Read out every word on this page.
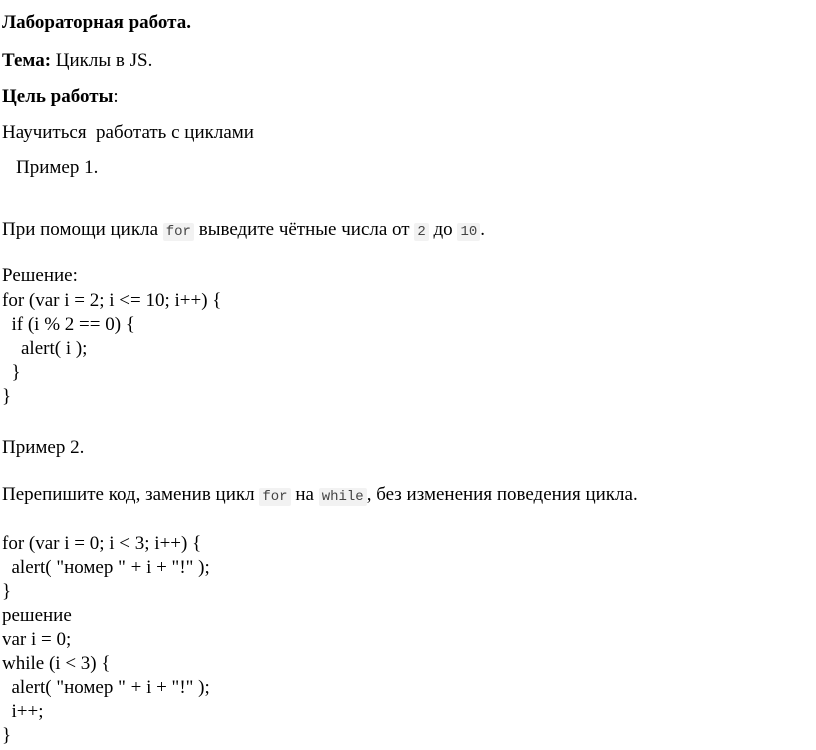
Лабораторная работа.
Тема: Циклы в JS.
Цель работы:
Научиться  работать с циклами
Пример 1.
При помощи цикла for выведите чётные числа от 2 до 10 .
Решение:
for (var i = 2; i <= 10; i++) {
if (i % 2 == 0) {
alert( i );
}
}
Пример 2.
Перепишите код, заменив цикл for на while , без изменения поведения цикла.
for (var i = 0; i < 3; i++) {
alert( "номер " + i + "!" );
}
решение
var i = 0;
while (i < 3) {
alert( "номер " + i + "!" );
i++;
}
